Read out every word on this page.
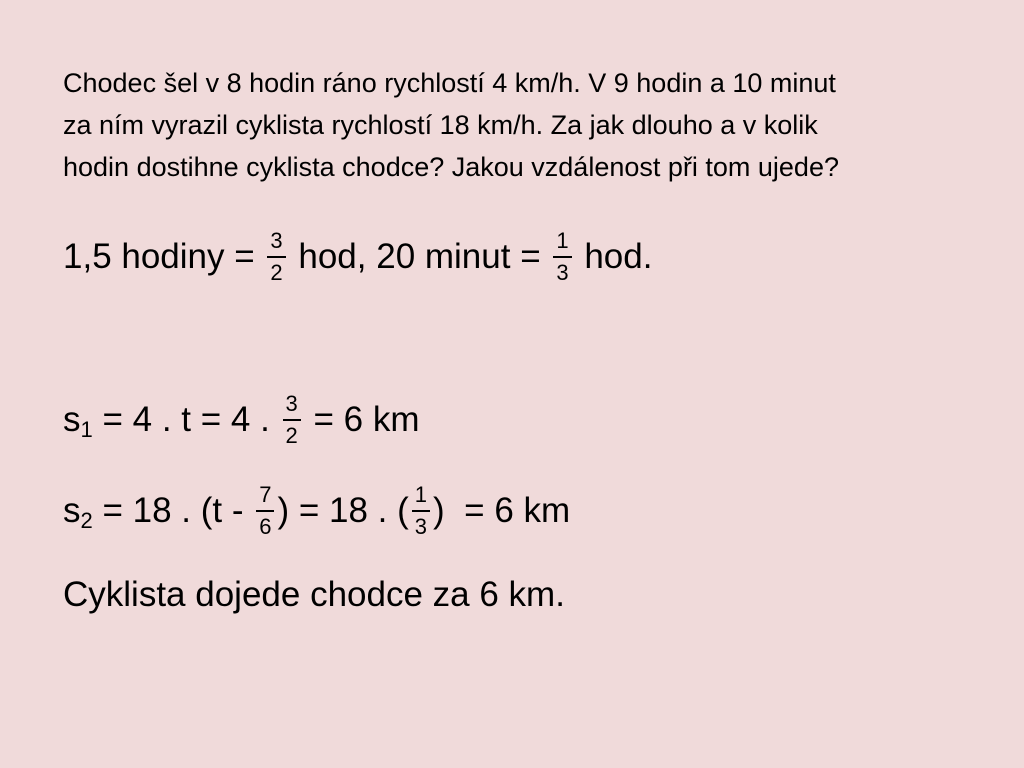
Chodec šel v 8 hodin ráno rychlostí 4 km/h. V 9 hodin a 10 minut
za ním vyrazil cyklista rychlostí 18 km/h. Za jak dlouho a v kolik
hodin dostihne cyklista chodce? Jakou vzdálenost při tom ujede?
1,5 hodiny = $\frac{3}{2}$ hod, 20 minut = $\frac{1}{3}$ hod.
s 1 = 4 . t = 4 . $\frac{3}{2} = 6$ km
s 2 = 18 . ($t - \frac{7}{6}$ ) = 18 . ( $\frac{1}{3}$ )  = 6 km
Cyklista dojede chodce za 6 km.
